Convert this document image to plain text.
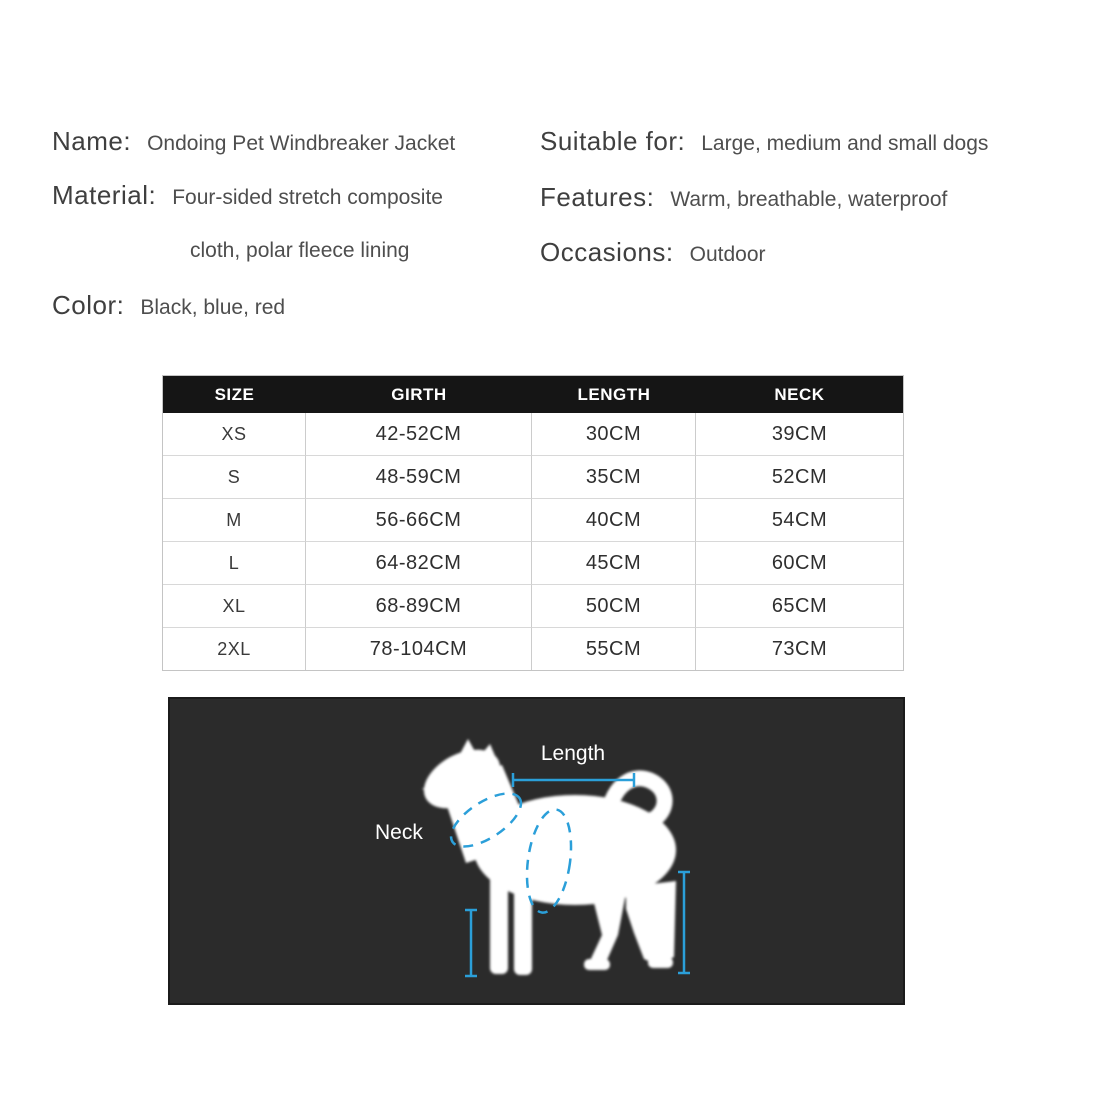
Name: Ondoing Pet Windbreaker Jacket
Material: Four-sided stretch composite
cloth, polar fleece lining
Color: Black, blue, red
Suitable for: Large, medium and small dogs
Features: Warm, breathable, waterproof
Occasions: Outdoor
SIZE	GIRTH	LENGTH	NECK
XS	42-52CM	30CM	39CM
S	48-59CM	35CM	52CM
M	56-66CM	40CM	54CM
L	64-82CM	45CM	60CM
XL	68-89CM	50CM	65CM
2XL	78-104CM	55CM	73CM
Length
Neck
Girth
